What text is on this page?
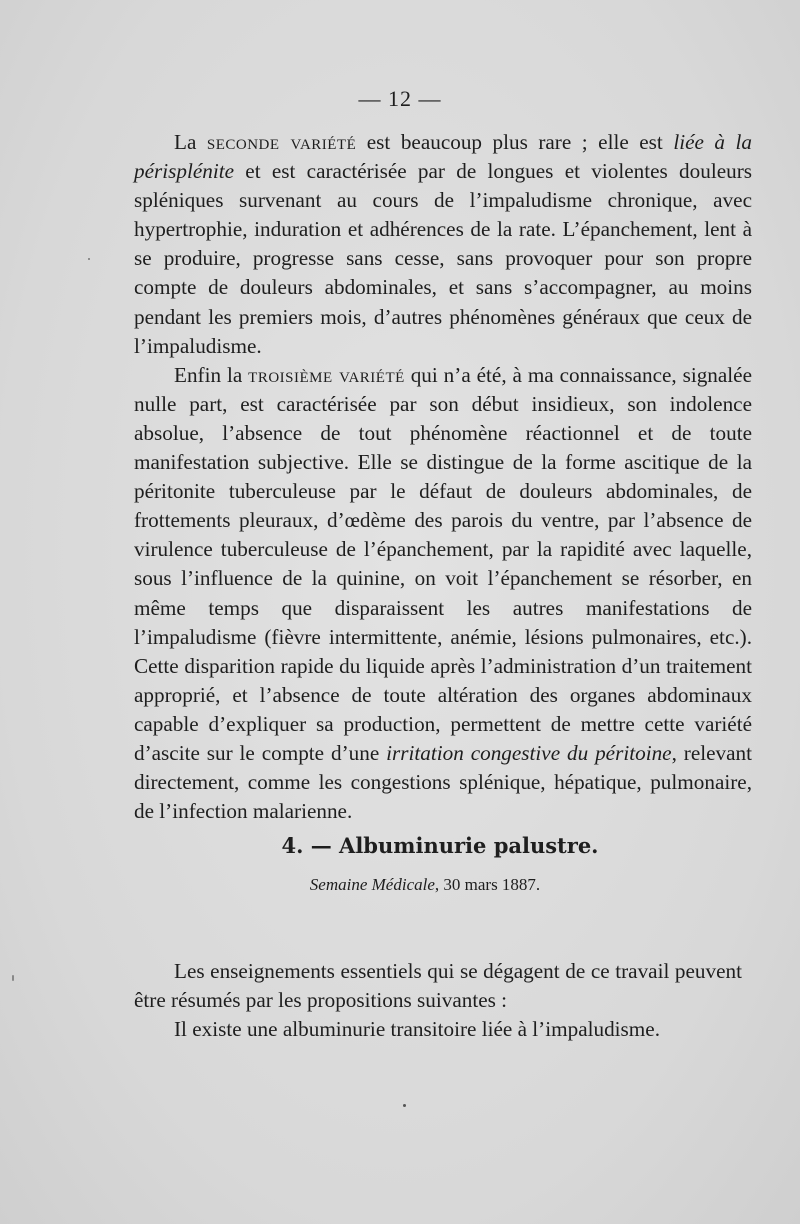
— 12 —

La seconde variété est beaucoup plus rare ; elle est liée à la périsplénite et est caractérisée par de longues et violentes douleurs spléniques survenant au cours de l’impaludisme chronique, avec hypertrophie, induration et adhérences de la rate. L’épanchement, lent à se produire, progresse sans cesse, sans provoquer pour son propre compte de douleurs abdominales, et sans s’accompagner, au moins pendant les premiers mois, d’autres phénomènes généraux que ceux de l’impaludisme.

Enfin la troisième variété qui n’a été, à ma connaissance, signalée nulle part, est caractérisée par son début insidieux, son indolence absolue, l’absence de tout phénomène réactionnel et de toute manifestation subjective. Elle se distingue de la forme ascitique de la péritonite tuberculeuse par le défaut de douleurs abdominales, de frottements pleuraux, d’œdème des parois du ventre, par l’absence de virulence tuberculeuse de l’épanchement, par la rapidité avec laquelle, sous l’influence de la quinine, on voit l’épanchement se résorber, en même temps que disparaissent les autres manifestations de l’impaludisme (fièvre intermittente, anémie, lésions pulmonaires, etc.). Cette disparition rapide du liquide après l’administration d’un traitement approprié, et l’absence de toute altération des organes abdominaux capable d’expliquer sa production, permettent de mettre cette variété d’ascite sur le compte d’une irritation congestive du péritoine, relevant directement, comme les congestions splénique, hépatique, pulmonaire, de l’infection malarienne.

4. — Albuminurie palustre.
Semaine Médicale, 30 mars 1887.

Les enseignements essentiels qui se dégagent de ce travail peuvent être résumés par les propositions suivantes :

Il existe une albuminurie transitoire liée à l’impaludisme.
